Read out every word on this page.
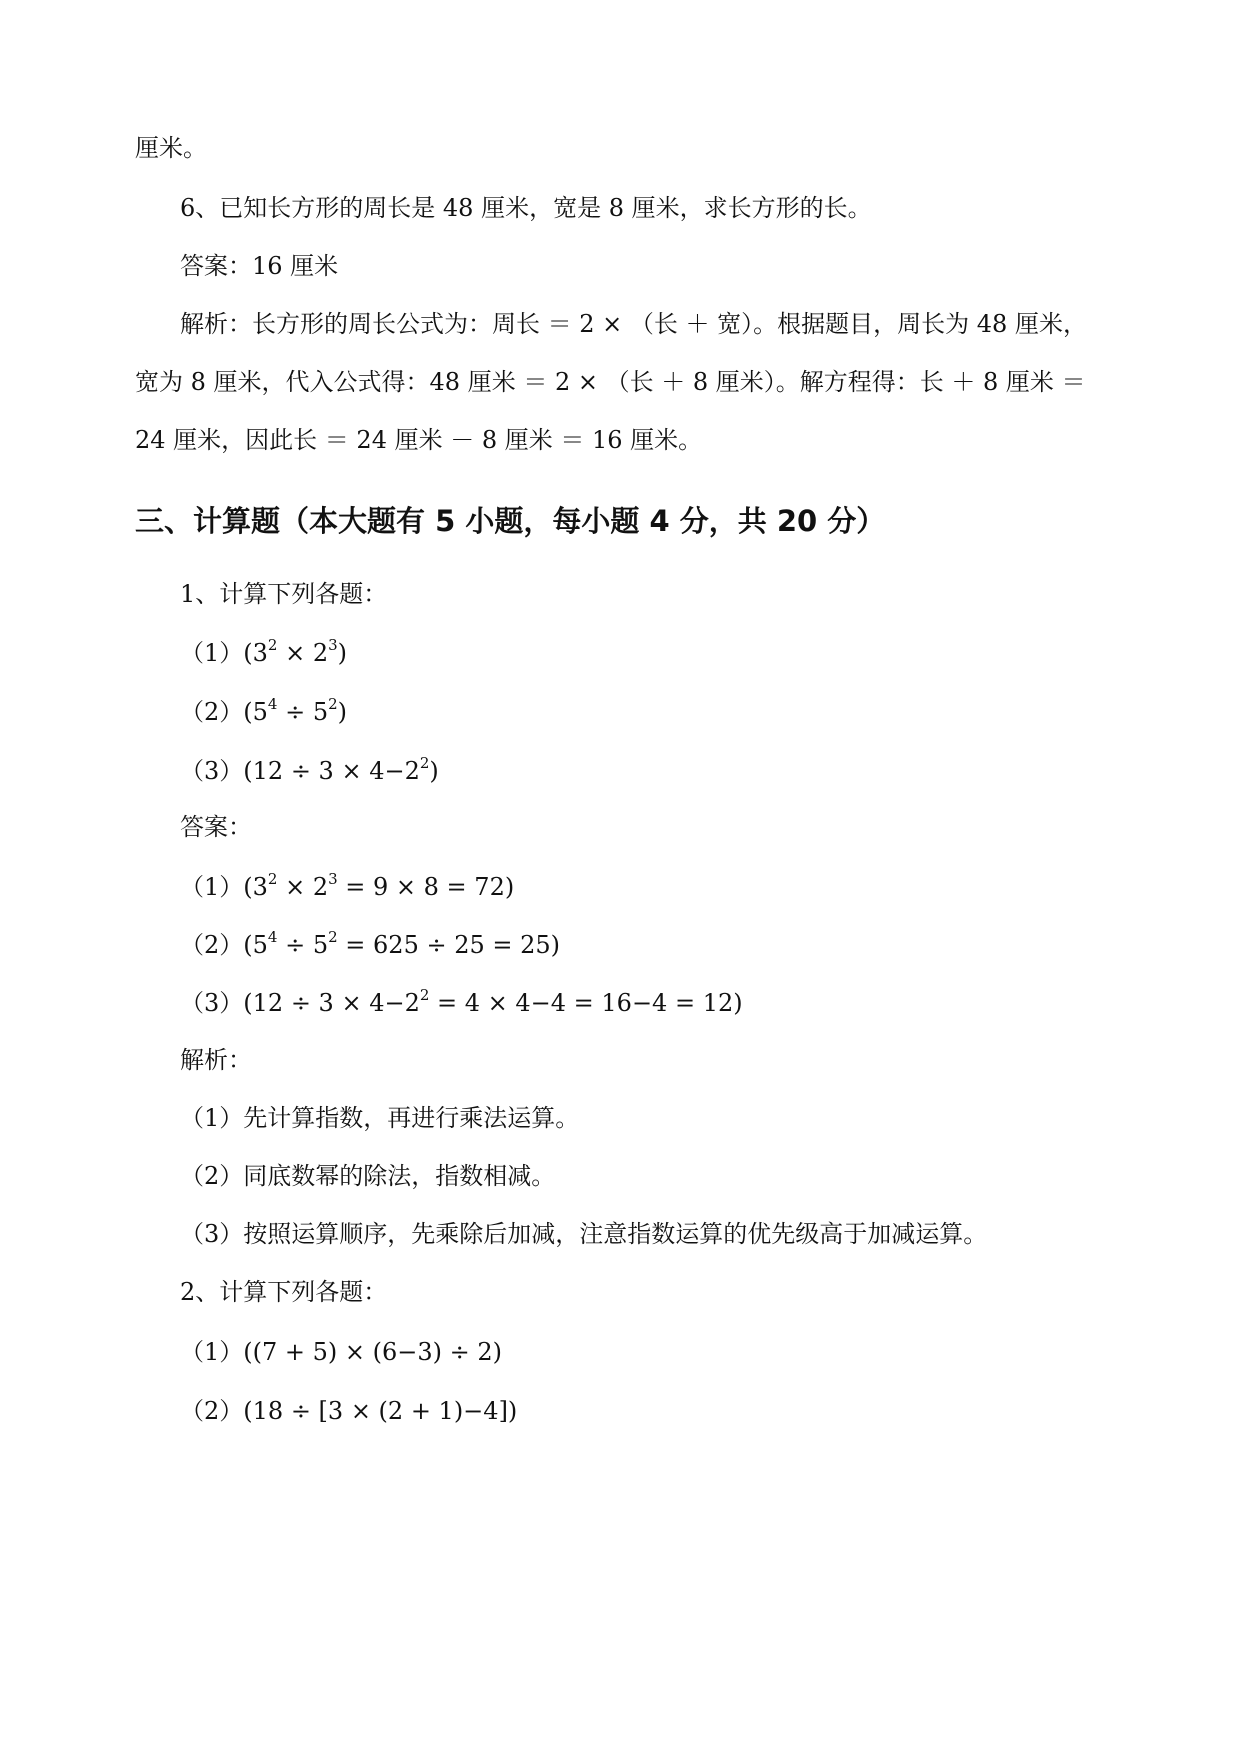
厘米。
6、已知长方形的周长是 48 厘米，宽是 8 厘米，求长方形的长。
答案：16 厘米
解析：长方形的周长公式为：周长 ＝ 2 × （长 ＋ 宽）。根据题目，周长为 48 厘米，
宽为 8 厘米，代入公式得：48 厘米 ＝ 2 × （长 ＋ 8 厘米）。解方程得：长 ＋ 8 厘米 ＝
24 厘米，因此长 ＝ 24 厘米 － 8 厘米 ＝ 16 厘米。
三、计算题（本大题有 5 小题，每小题 4 分，共 20 分）
1、计算下列各题：
$(1)(3^2 \times 2^3)$
$(2)(5^4 \div 5^2)$
$(3)(12 \div 3 \times 4-2^2)$
答案：
$(1)(3^2 \times 2^3 = 9 \times 8 = 72)$
$(2)(5^4 \div 5^2 = 625 \div 25 = 25)$
$(3)(12 \div 3 \times 4-2^2 = 4 \times 4-4 = 16-4 = 12)$
解析：
（1）先计算指数，再进行乘法运算。
（2）同底数幂的除法，指数相减。
（3）按照运算顺序，先乘除后加减，注意指数运算的优先级高于加减运算。
2、计算下列各题：
（1）((7 + 5) × (6−3) ÷ 2)
（2）(18 ÷ [3 × (2 + 1)−4])
